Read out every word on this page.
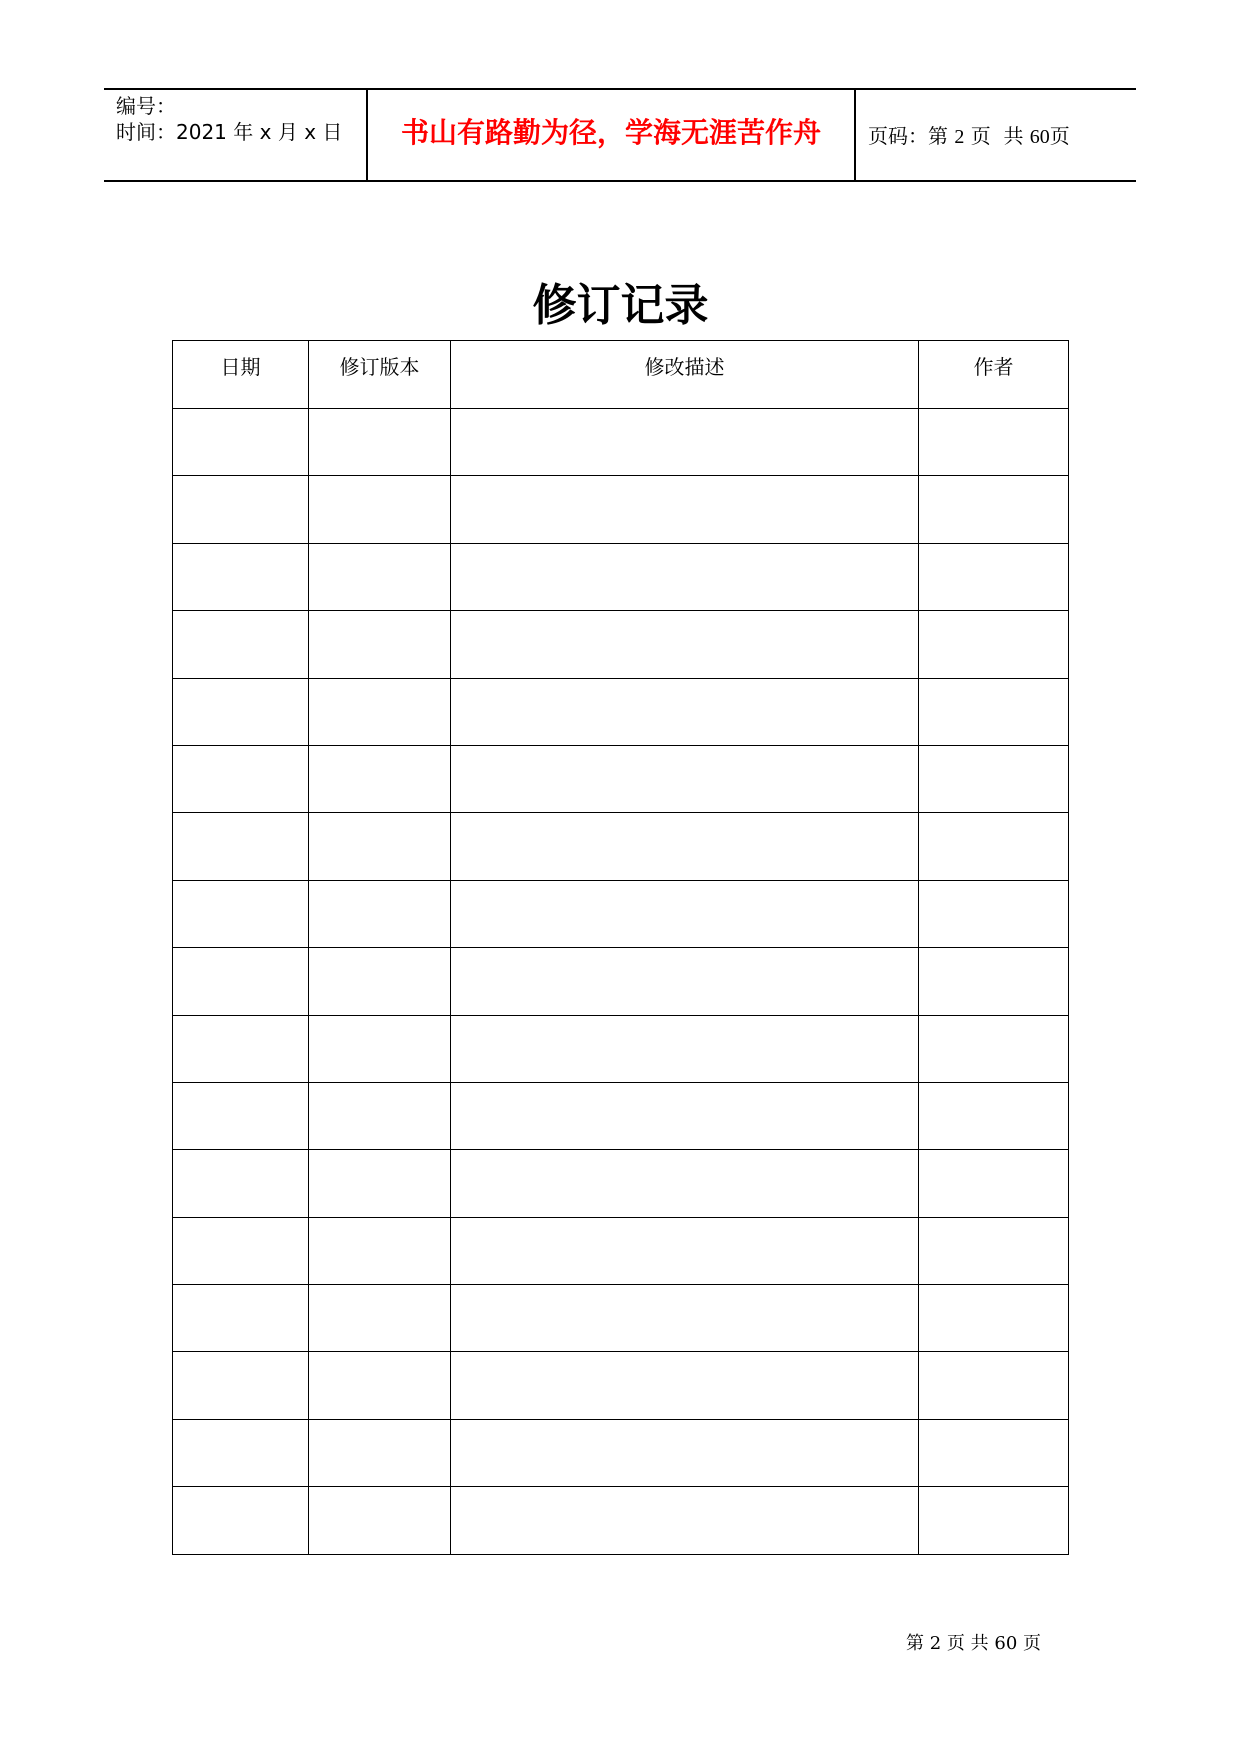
编号：
时间：2021 年 x 月 x 日	书山有路勤为径，学海无涯苦作舟	页码：第 2 页 共 60页
修订记录
日期	修订版本	修改描述	作者

第 2 页 共 60 页
